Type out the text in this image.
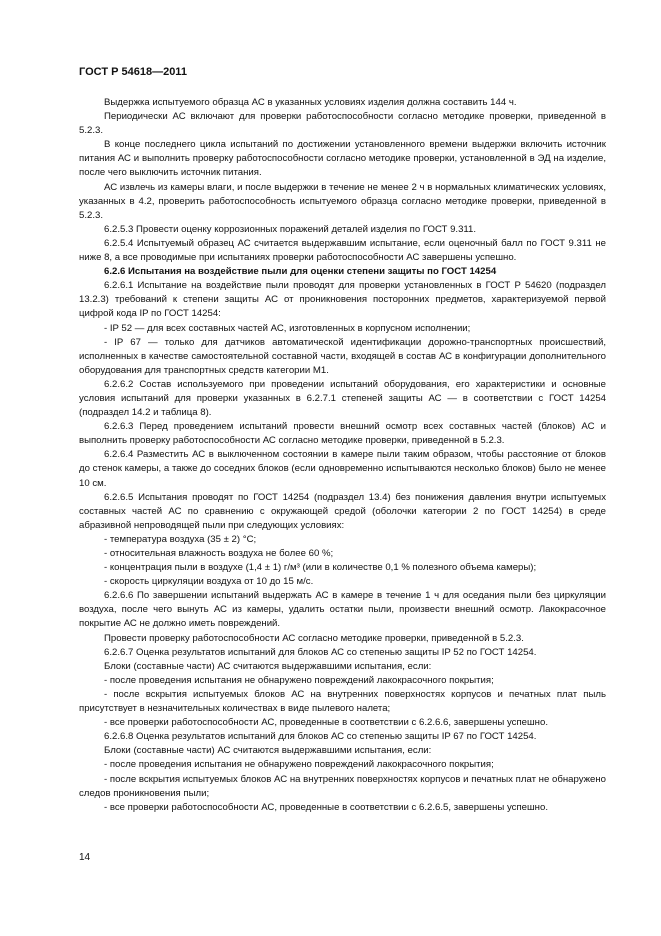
ГОСТ Р 54618—2011

Выдержка испытуемого образца АС в указанных условиях изделия должна составить 144 ч.

Периодически АС включают для проверки работоспособности согласно методике проверки, приведенной в 5.2.3.

В конце последнего цикла испытаний по достижении установленного времени выдержки включить источник питания АС и выполнить проверку работоспособности согласно методике проверки, установленной в ЭД на изделие, после чего выключить источник питания.

АС извлечь из камеры влаги, и после выдержки в течение не менее 2 ч в нормальных климатических условиях, указанных в 4.2, проверить работоспособность испытуемого образца согласно методике проверки, приведенной в 5.2.3.

6.2.5.3 Провести оценку коррозионных поражений деталей изделия по ГОСТ 9.311.

6.2.5.4 Испытуемый образец АС считается выдержавшим испытание, если оценочный балл по ГОСТ 9.311 не ниже 8, а все проводимые при испытаниях проверки работоспособности АС завершены успешно.

6.2.6 Испытания на воздействие пыли для оценки степени защиты по ГОСТ 14254

6.2.6.1 Испытание на воздействие пыли проводят для проверки установленных в ГОСТ Р 54620 (подраздел 13.2.3) требований к степени защиты АС от проникновения посторонних предметов, характеризуемой первой цифрой кода IP по ГОСТ 14254:

- IP 52 — для всех составных частей АС, изготовленных в корпусном исполнении;

- IP 67 — только для датчиков автоматической идентификации дорожно-транспортных происшествий, исполненных в качестве самостоятельной составной части, входящей в состав АС в конфигурации дополнительного оборудования для транспортных средств категории M1.

6.2.6.2 Состав используемого при проведении испытаний оборудования, его характеристики и основные условия испытаний для проверки указанных в 6.2.7.1 степеней защиты АС — в соответствии с ГОСТ 14254 (подраздел 14.2 и таблица 8).

6.2.6.3 Перед проведением испытаний провести внешний осмотр всех составных частей (блоков) АС и выполнить проверку работоспособности АС согласно методике проверки, приведенной в 5.2.3.

6.2.6.4 Разместить АС в выключенном состоянии в камере пыли таким образом, чтобы расстояние от блоков до стенок камеры, а также до соседних блоков (если одновременно испытываются несколько блоков) было не менее 10 см.

6.2.6.5 Испытания проводят по ГОСТ 14254 (подраздел 13.4) без понижения давления внутри испытуемых составных частей АС по сравнению с окружающей средой (оболочки категории 2 по ГОСТ 14254) в среде абразивной непроводящей пыли при следующих условиях:

- температура воздуха (35 ± 2) °С;

- относительная влажность воздуха не более 60 %;

- концентрация пыли в воздухе (1,4 ± 1) г/м³ (или в количестве 0,1 % полезного объема камеры);

- скорость циркуляции воздуха от 10 до 15 м/с.

6.2.6.6 По завершении испытаний выдержать АС в камере в течение 1 ч для оседания пыли без циркуляции воздуха, после чего вынуть АС из камеры, удалить остатки пыли, произвести внешний осмотр. Лакокрасочное покрытие АС не должно иметь повреждений.

Провести проверку работоспособности АС согласно методике проверки, приведенной в 5.2.3.

6.2.6.7 Оценка результатов испытаний для блоков АС со степенью защиты IP 52 по ГОСТ 14254.

Блоки (составные части) АС считаются выдержавшими испытания, если:

- после проведения испытания не обнаружено повреждений лакокрасочного покрытия;

- после вскрытия испытуемых блоков АС на внутренних поверхностях корпусов и печатных плат пыль присутствует в незначительных количествах в виде пылевого налета;

- все проверки работоспособности АС, проведенные в соответствии с 6.2.6.6, завершены успешно.

6.2.6.8 Оценка результатов испытаний для блоков АС со степенью защиты IP 67 по ГОСТ 14254.

Блоки (составные части) АС считаются выдержавшими испытания, если:

- после проведения испытания не обнаружено повреждений лакокрасочного покрытия;

- после вскрытия испытуемых блоков АС на внутренних поверхностях корпусов и печатных плат не обнаружено следов проникновения пыли;

- все проверки работоспособности АС, проведенные в соответствии с 6.2.6.5, завершены успешно.

14
